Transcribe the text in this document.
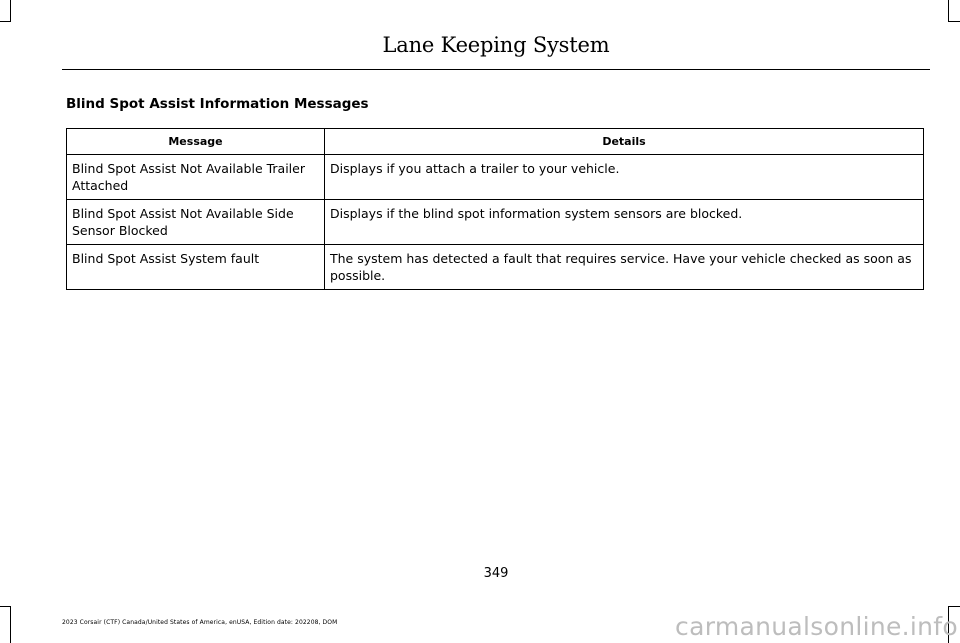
Lane Keeping System
Blind Spot Assist Information Messages
Message	Details
Blind Spot Assist Not Available Trailer Attached	Displays if you attach a trailer to your vehicle.
Blind Spot Assist Not Available Side Sensor Blocked	Displays if the blind spot information system sensors are blocked.
Blind Spot Assist System fault	The system has detected a fault that requires service. Have your vehicle checked as soon as possible.
349
2023 Corsair (CTF) Canada/United States of America, enUSA, Edition date: 202208, DOM	carmanualsonline.info
